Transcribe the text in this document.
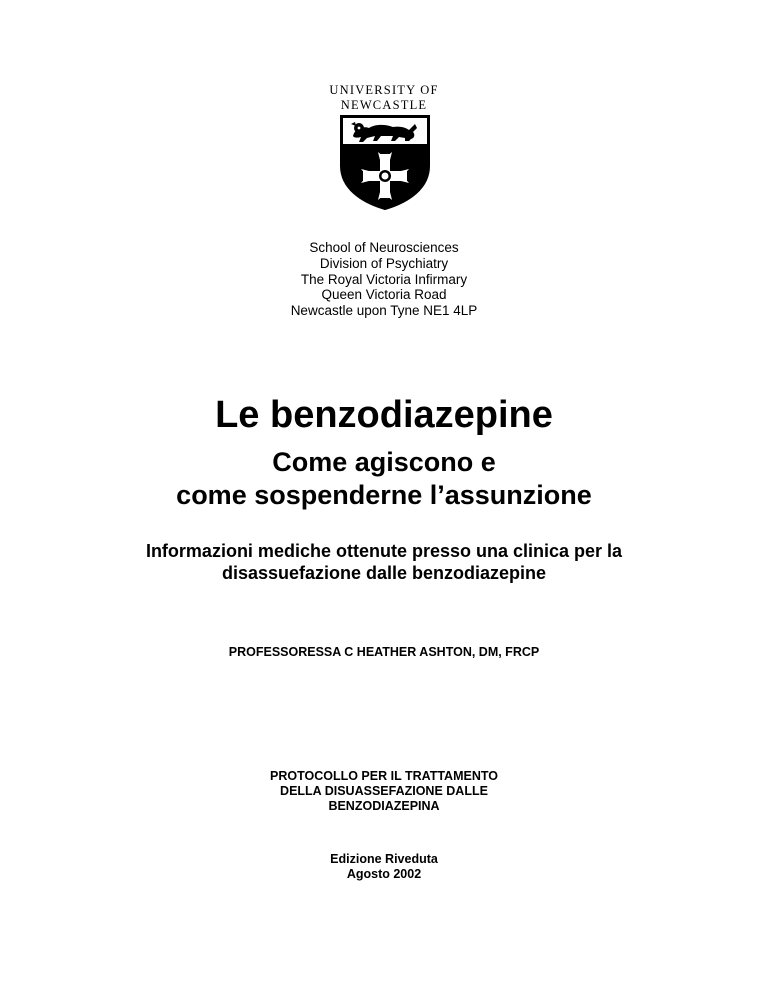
UNIVERSITY OF
NEWCASTLE
School of Neurosciences
Division of Psychiatry
The Royal Victoria Infirmary
Queen Victoria Road
Newcastle upon Tyne NE1 4LP
Le benzodiazepine
Come agiscono e
come sospenderne l’assunzione
Informazioni mediche ottenute presso una clinica per la
disassuefazione dalle benzodiazepine
PROFESSORESSA C HEATHER ASHTON, DM, FRCP
PROTOCOLLO PER IL TRATTAMENTO
DELLA DISUASSEFAZIONE DALLE
BENZODIAZEPINA
Edizione Riveduta
Agosto 2002
